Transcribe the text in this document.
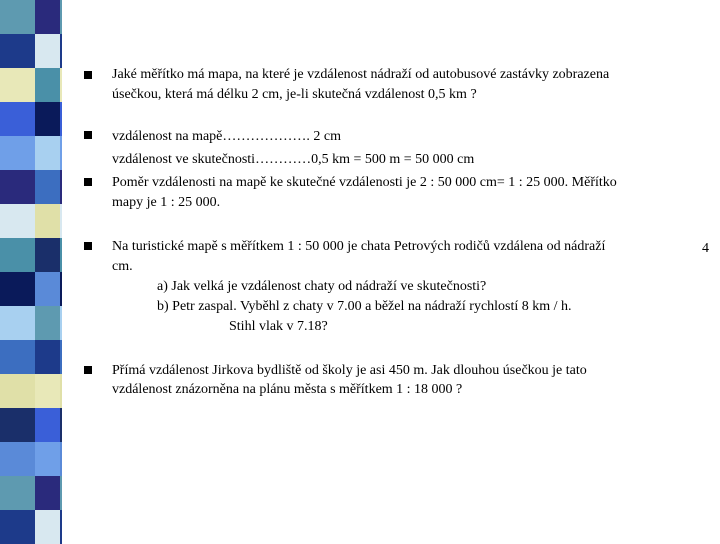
Jaké měřítko má mapa, na které je vzdálenost nádraží od autobusové zastávky zobrazena
úsečkou, která má délku 2 cm, je-li skutečná vzdálenost 0,5 km ?
vzdálenost na mapě………………. 2 cm
vzdálenost ve skutečnosti…………0,5 km = 500 m = 50 000 cm
Poměr vzdálenosti na mapě ke skutečné vzdálenosti je 2 : 50 000 cm= 1 : 25 000. Měřítko
mapy je 1 : 25 000.
Na turistické mapě s měřítkem 1 : 50 000 je chata Petrových rodičů vzdálena od nádraží
cm.
a) Jak velká je vzdálenost chaty od nádraží ve skutečnosti?
b) Petr zaspal. Vyběhl z chaty v 7.00 a běžel na nádraží rychlostí 8 km / h.
Stihl vlak v 7.18?
4
Přímá vzdálenost Jirkova bydliště od školy je asi 450 m. Jak dlouhou úsečkou je tato
vzdálenost znázorněna na plánu města s měřítkem 1 : 18 000 ?
